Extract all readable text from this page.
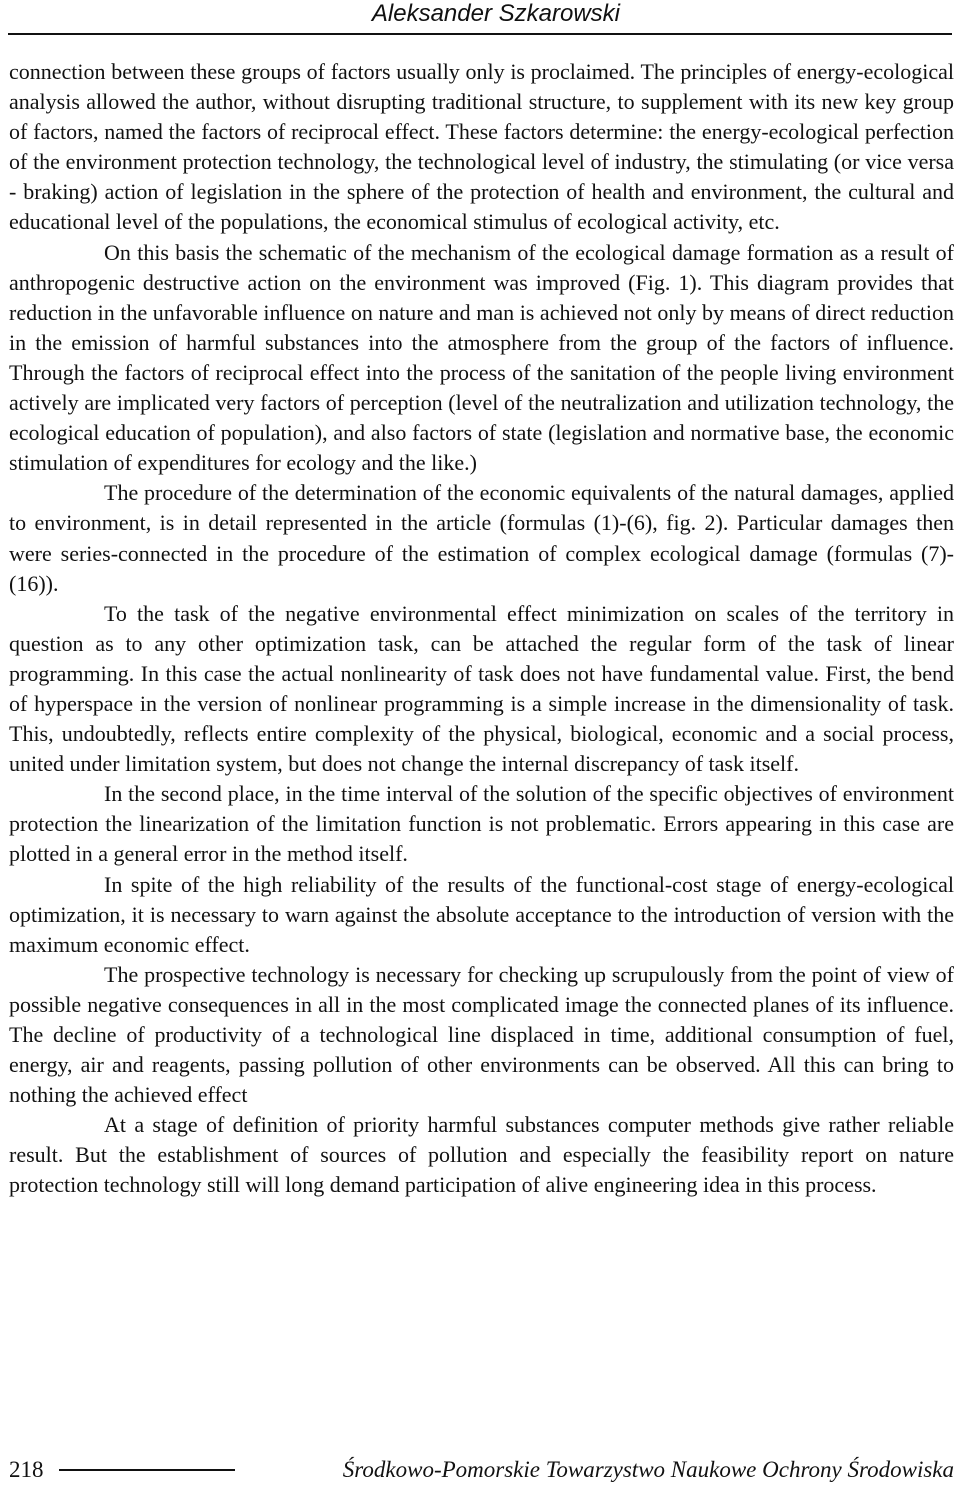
Aleksander Szkarowski

connection between these groups of factors usually only is proclaimed. The principles of energy-ecological analysis allowed the author, without disrupting traditional structure, to supplement with its new key group of factors, named the factors of reciprocal effect. These factors determine: the energy-ecological perfection of the environment protection technology, the technological level of industry, the stimulating (or vice versa - braking) action of legislation in the sphere of the protection of health and environment, the cultural and educational level of the populations, the economical stimulus of ecological activity, etc.

On this basis the schematic of the mechanism of the ecological damage formation as a result of anthropogenic destructive action on the environment was improved (Fig. 1). This diagram provides that reduction in the unfavorable influence on nature and man is achieved not only by means of direct reduction in the emission of harmful substances into the atmosphere from the group of the factors of influence. Through the factors of reciprocal effect into the process of the sanitation of the people living environment actively are implicated very factors of perception (level of the neutralization and utilization technology, the ecological education of population), and also factors of state (legislation and normative base, the economic stimulation of expenditures for ecology and the like.)

The procedure of the determination of the economic equivalents of the natural damages, applied to environment, is in detail represented in the article (formulas (1)-(6), fig. 2). Particular damages then were series-connected in the procedure of the estimation of complex ecological damage (formulas (7)-(16)).

To the task of the negative environmental effect minimization on scales of the territory in question as to any other optimization task, can be attached the regular form of the task of linear programming. In this case the actual nonlinearity of task does not have fundamental value. First, the bend of hyperspace in the version of nonlinear programming is a simple increase in the dimensionality of task. This, undoubtedly, reflects entire complexity of the physical, biological, economic and a social process, united under limitation system, but does not change the internal discrepancy of task itself.

In the second place, in the time interval of the solution of the specific objectives of environment protection the linearization of the limitation function is not problematic. Errors appearing in this case are plotted in a general error in the method itself.

In spite of the high reliability of the results of the functional-cost stage of energy-ecological optimization, it is necessary to warn against the absolute acceptance to the introduction of version with the maximum economic effect.

The prospective technology is necessary for checking up scrupulously from the point of view of possible negative consequences in all in the most complicated image the connected planes of its influence. The decline of productivity of a technological line displaced in time, additional consumption of fuel, energy, air and reagents, passing pollution of other environments can be observed. All this can bring to nothing the achieved effect

At a stage of definition of priority harmful substances computer methods give rather reliable result. But the establishment of sources of pollution and especially the feasibility report on nature protection technology still will long demand participation of alive engineering idea in this process.

218	Środkowo-Pomorskie Towarzystwo Naukowe Ochrony Środowiska
